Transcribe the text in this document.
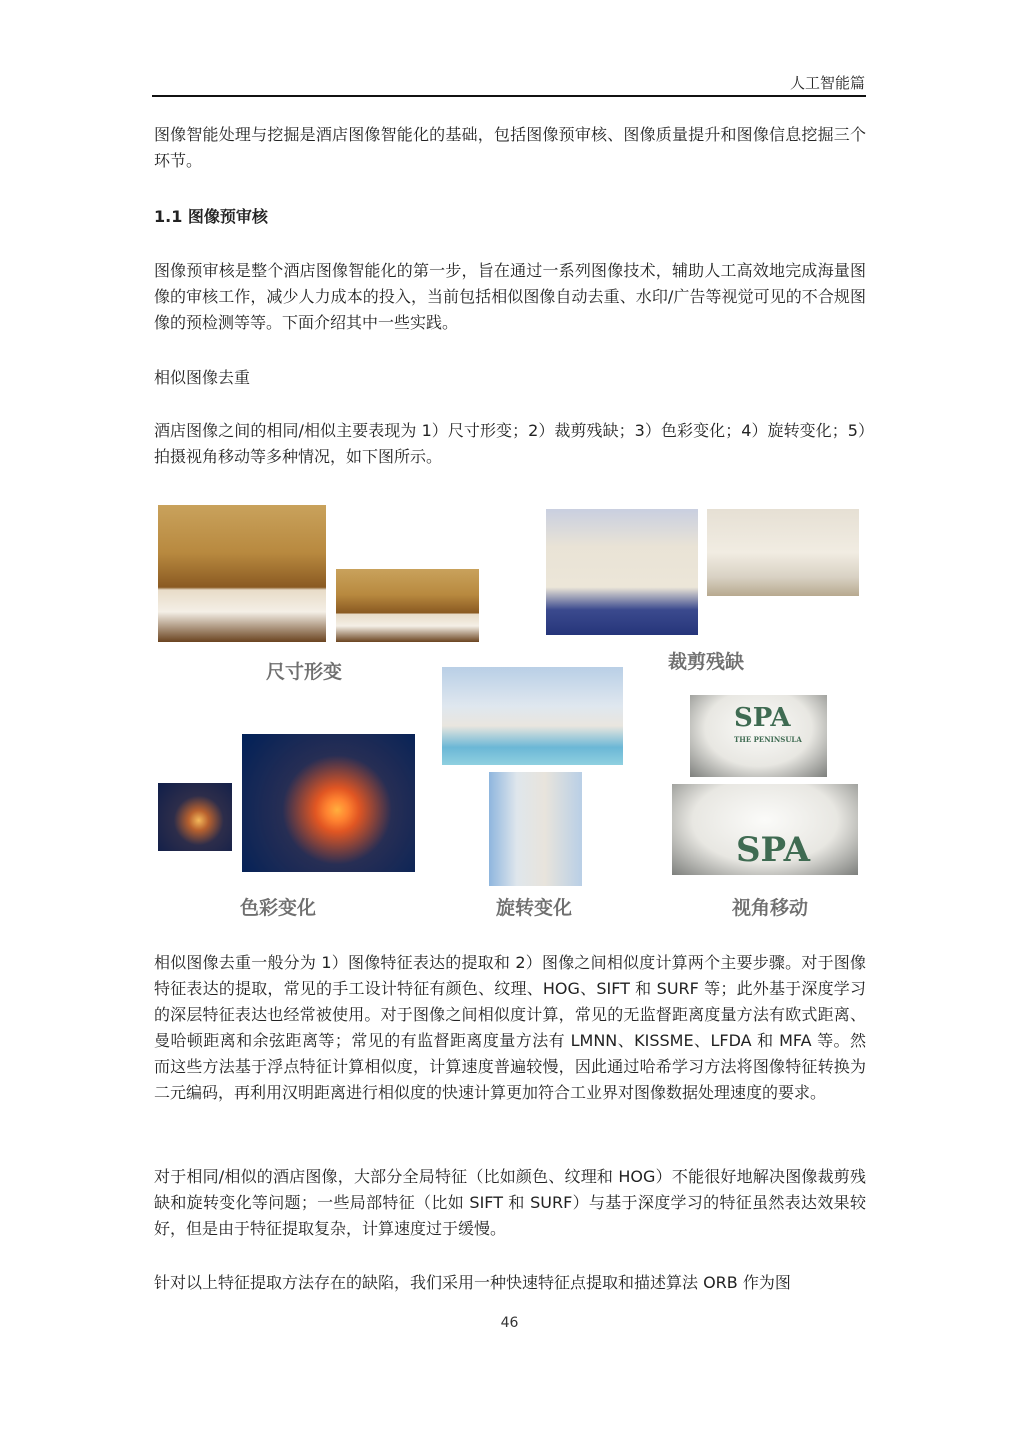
人工智能篇

图像智能处理与挖掘是酒店图像智能化的基础，包括图像预审核、图像质量提升和图像信息挖掘三个环节。

1.1 图像预审核

图像预审核是整个酒店图像智能化的第一步，旨在通过一系列图像技术，辅助人工高效地完成海量图像的审核工作，减少人力成本的投入，当前包括相似图像自动去重、水印/广告等视觉可见的不合规图像的预检测等等。下面介绍其中一些实践。

相似图像去重

酒店图像之间的相同/相似主要表现为 1）尺寸形变；2）裁剪残缺；3）色彩变化；4）旋转变化；5）拍摄视角移动等多种情况，如下图所示。

尺寸形变	裁剪残缺
色彩变化	旋转变化
SPA
THE PENINSULA
SPA
视角移动

相似图像去重一般分为 1）图像特征表达的提取和 2）图像之间相似度计算两个主要步骤。对于图像特征表达的提取，常见的手工设计特征有颜色、纹理、HOG、SIFT 和 SURF 等；此外基于深度学习的深层特征表达也经常被使用。对于图像之间相似度计算，常见的无监督距离度量方法有欧式距离、曼哈顿距离和余弦距离等；常见的有监督距离度量方法有 LMNN、KISSME、LFDA 和 MFA 等。然而这些方法基于浮点特征计算相似度，计算速度普遍较慢，因此通过哈希学习方法将图像特征转换为二元编码，再利用汉明距离进行相似度的快速计算更加符合工业界对图像数据处理速度的要求。

对于相同/相似的酒店图像，大部分全局特征（比如颜色、纹理和 HOG）不能很好地解决图像裁剪残缺和旋转变化等问题；一些局部特征（比如 SIFT 和 SURF）与基于深度学习的特征虽然表达效果较好，但是由于特征提取复杂，计算速度过于缓慢。

针对以上特征提取方法存在的缺陷，我们采用一种快速特征点提取和描述算法 ORB 作为图

46
